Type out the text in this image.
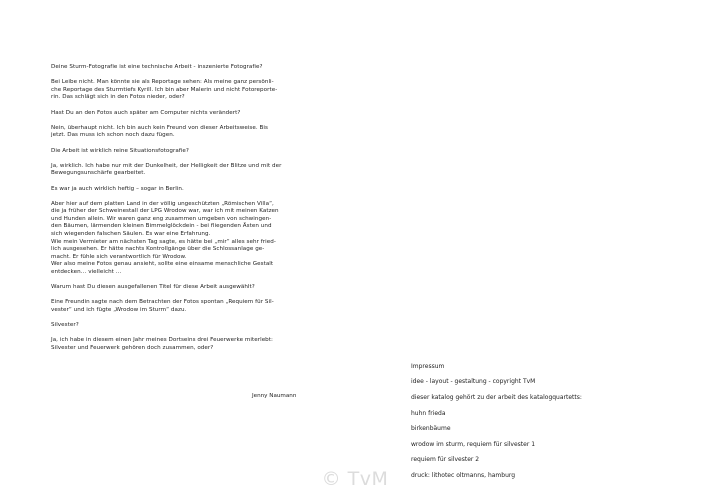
Deine Sturm-Fotografie ist eine technische Arbeit - inszenierte Fotografie?

Bei Leibe nicht. Man könnte sie als Reportage sehen: Als meine ganz persönli-
che Reportage des Sturmtiefs Kyrill. Ich bin aber Malerin und nicht Fotoreporte-
rin. Das schlägt sich in den Fotos nieder, oder?

Hast Du an den Fotos auch später am Computer nichts verändert?

Nein, überhaupt nicht. Ich bin auch kein Freund von dieser Arbeitsweise. Bis
jetzt. Das muss ich schon noch dazu fügen.

Die Arbeit ist wirklich reine Situationsfotografie?

Ja, wirklich. Ich habe nur mit der Dunkelheit, der Helligkeit der Blitze und mit der
Bewegungsunschärfe gearbeitet.

Es war ja auch wirklich heftig – sogar in Berlin.

Aber hier auf dem platten Land in der völlig ungeschützten „Römischen Villa“,
die ja früher der Schweinestall der LPG Wrodow war, war ich mit meinen Katzen
und Hunden allein. Wir waren ganz eng zusammen umgeben von schwingen-
den Bäumen, lärmenden kleinen Bimmelglöckdein - bei fliegenden Ästen und
sich wiegenden falschen Säulen. Es war eine Erfahrung.
Wie mein Vermieter am nächsten Tag sagte, es hätte bei „mir“ alles sehr fried-
lich ausgesehen. Er hätte nachts Kontrollgänge über die Schlossanlage ge-
macht. Er fühle sich verantwortlich für Wrodow.
Wer also meine Fotos genau ansieht, sollte eine einsame menschliche Gestalt
entdecken… vielleicht …

Warum hast Du diesen ausgefallenen Titel für diese Arbeit ausgewählt?

Eine Freundin sagte nach dem Betrachten der Fotos spontan „Requiem für Sil-
vester“ und ich fügte „Wrodow im Sturm“ dazu.

Silvester?

Ja, ich habe in diesem einen Jahr meines Dortseins drei Feuerwerke miterlebt:
Silvester und Feuerwerk gehören doch zusammen, oder?

Jenny Naumann

Impressum

idee - layout - gestaltung - copyright TvM

dieser katalog gehört zu der arbeit des katalogquartetts:

huhn frieda

birkenbäume

wrodow im sturm, requiem für silvester 1

requiem für silvester 2

druck: lithotec oltmanns, hamburg

© TvM
